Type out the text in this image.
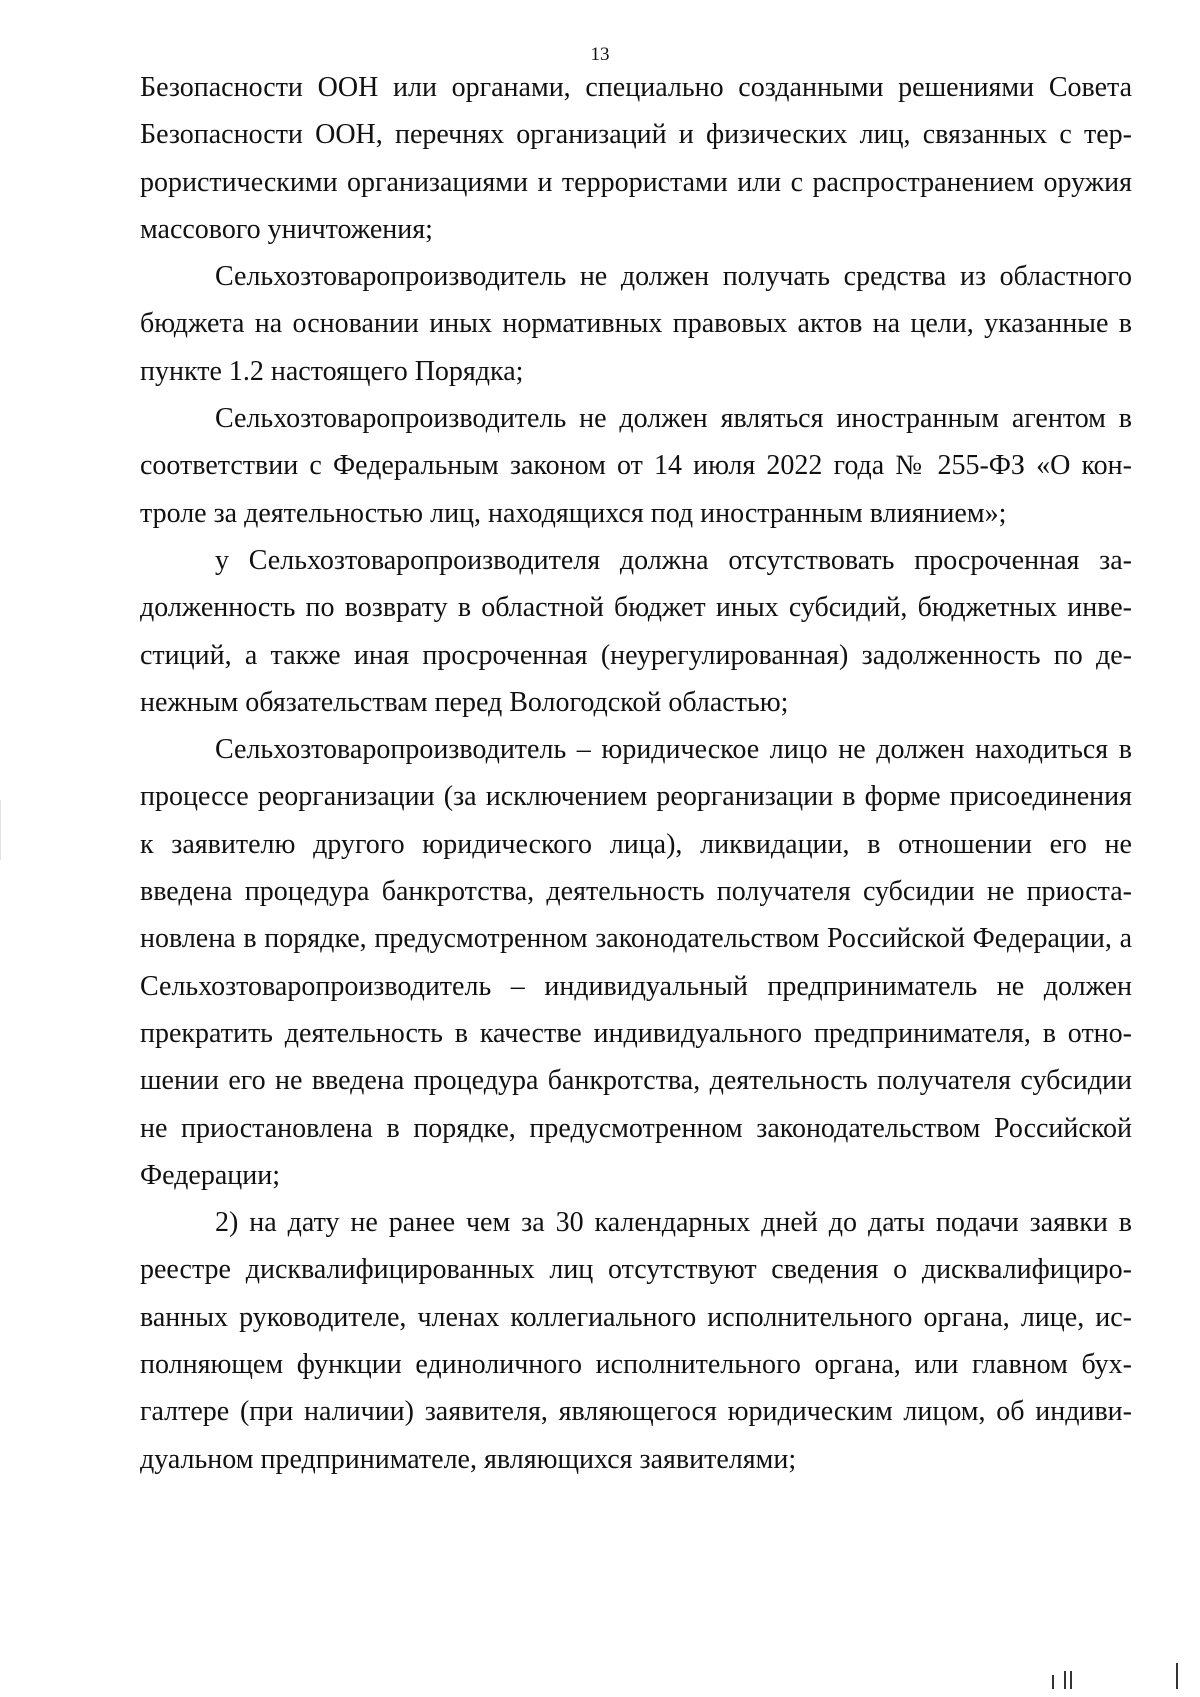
13

Безопасности ООН или органами, специально созданными решениями Совета Безопасности ООН, перечнях организаций и физических лиц, связанных с террористическими организациями и террористами или с распространением оружия массового уничтожения;

Сельхозтоваропроизводитель не должен получать средства из областного бюджета на основании иных нормативных правовых актов на цели, указанные в пункте 1.2 настоящего Порядка;

Сельхозтоваропроизводитель не должен являться иностранным агентом в соответствии с Федеральным законом от 14 июля 2022 года № 255-ФЗ «О контроле за деятельностью лиц, находящихся под иностранным влиянием»;

у Сельхозтоваропроизводителя должна отсутствовать просроченная задолженность по возврату в областной бюджет иных субсидий, бюджетных инвестиций, а также иная просроченная (неурегулированная) задолженность по денежным обязательствам перед Вологодской областью;

Сельхозтоваропроизводитель – юридическое лицо не должен находиться в процессе реорганизации (за исключением реорганизации в форме присоединения к заявителю другого юридического лица), ликвидации, в отношении его не введена процедура банкротства, деятельность получателя субсидии не приостановлена в порядке, предусмотренном законодательством Российской Федерации, а Сельхозтоваропроизводитель – индивидуальный предприниматель не должен прекратить деятельность в качестве индивидуального предпринимателя, в отношении его не введена процедура банкротства, деятельность получателя субсидии не приостановлена в порядке, предусмотренном законодательством Российской Федерации;

2) на дату не ранее чем за 30 календарных дней до даты подачи заявки в реестре дисквалифицированных лиц отсутствуют сведения о дисквалифицированных руководителе, членах коллегиального исполнительного органа, лице, исполняющем функции единоличного исполнительного органа, или главном бухгалтере (при наличии) заявителя, являющегося юридическим лицом, об индивидуальном предпринимателе, являющихся заявителями;
